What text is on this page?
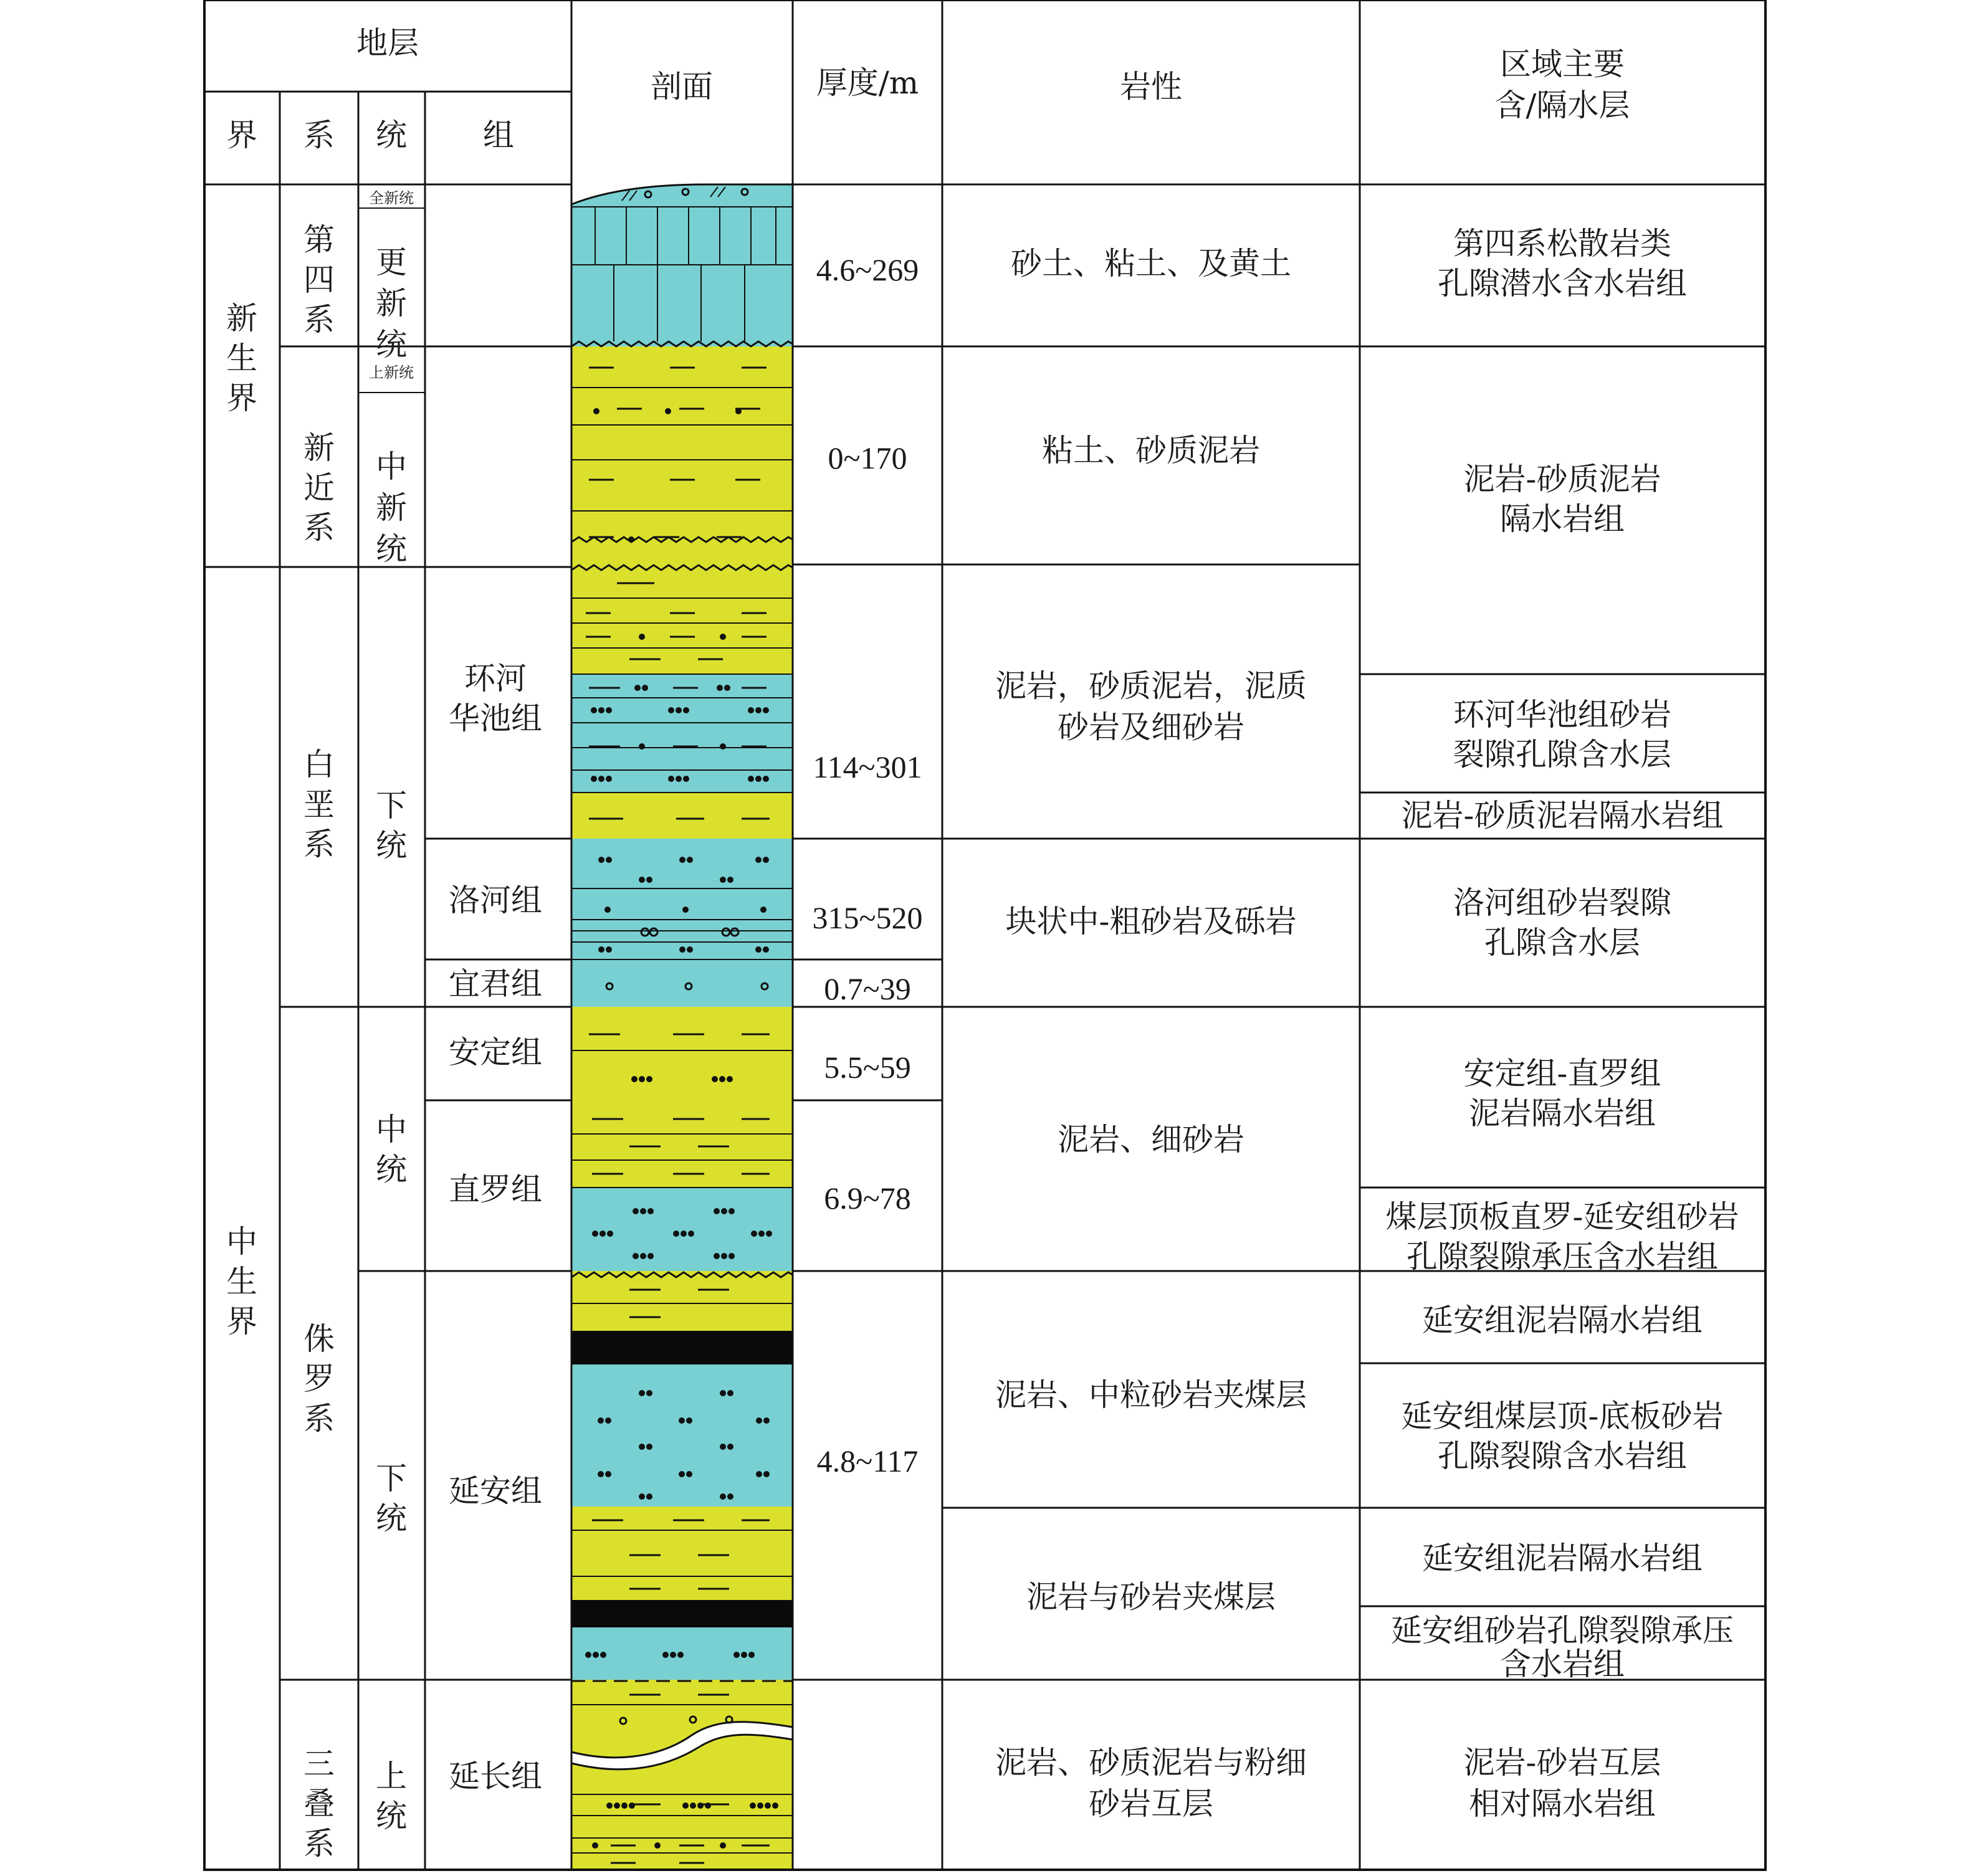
地层
界 系 统 组
剖面	厚度/m	岩性
区域主要
含/隔水层
新生界
中生界
第四系
新近系
白垩系
侏罗系
三叠系
全新统
更新统
上新统
中新统
下统
中统
下统
上统
环河
华池组
洛河组
宜君组
安定组
直罗组
延安组
延长组
4.6~269
0~170
114~301
315~520
0.7~39
5.5~59
6.9~78
4.8~117
砂土、粘土、及黄土
粘土、砂质泥岩
泥岩，砂质泥岩，泥质
砂岩及细砂岩
块状中-粗砂岩及砾岩
泥岩、细砂岩
泥岩、中粒砂岩夹煤层
泥岩与砂岩夹煤层
泥岩、砂质泥岩与粉细
砂岩互层
第四系松散岩类
孔隙潜水含水岩组
泥岩-砂质泥岩
隔水岩组
环河华池组砂岩
裂隙孔隙含水层
泥岩-砂质泥岩隔水岩组
洛河组砂岩裂隙
孔隙含水层
安定组-直罗组
泥岩隔水岩组
煤层顶板直罗-延安组砂岩
孔隙裂隙承压含水岩组
延安组泥岩隔水岩组
延安组煤层顶-底板砂岩
孔隙裂隙含水岩组
延安组泥岩隔水岩组
延安组砂岩孔隙裂隙承压
含水岩组
泥岩-砂岩互层
相对隔水岩组
